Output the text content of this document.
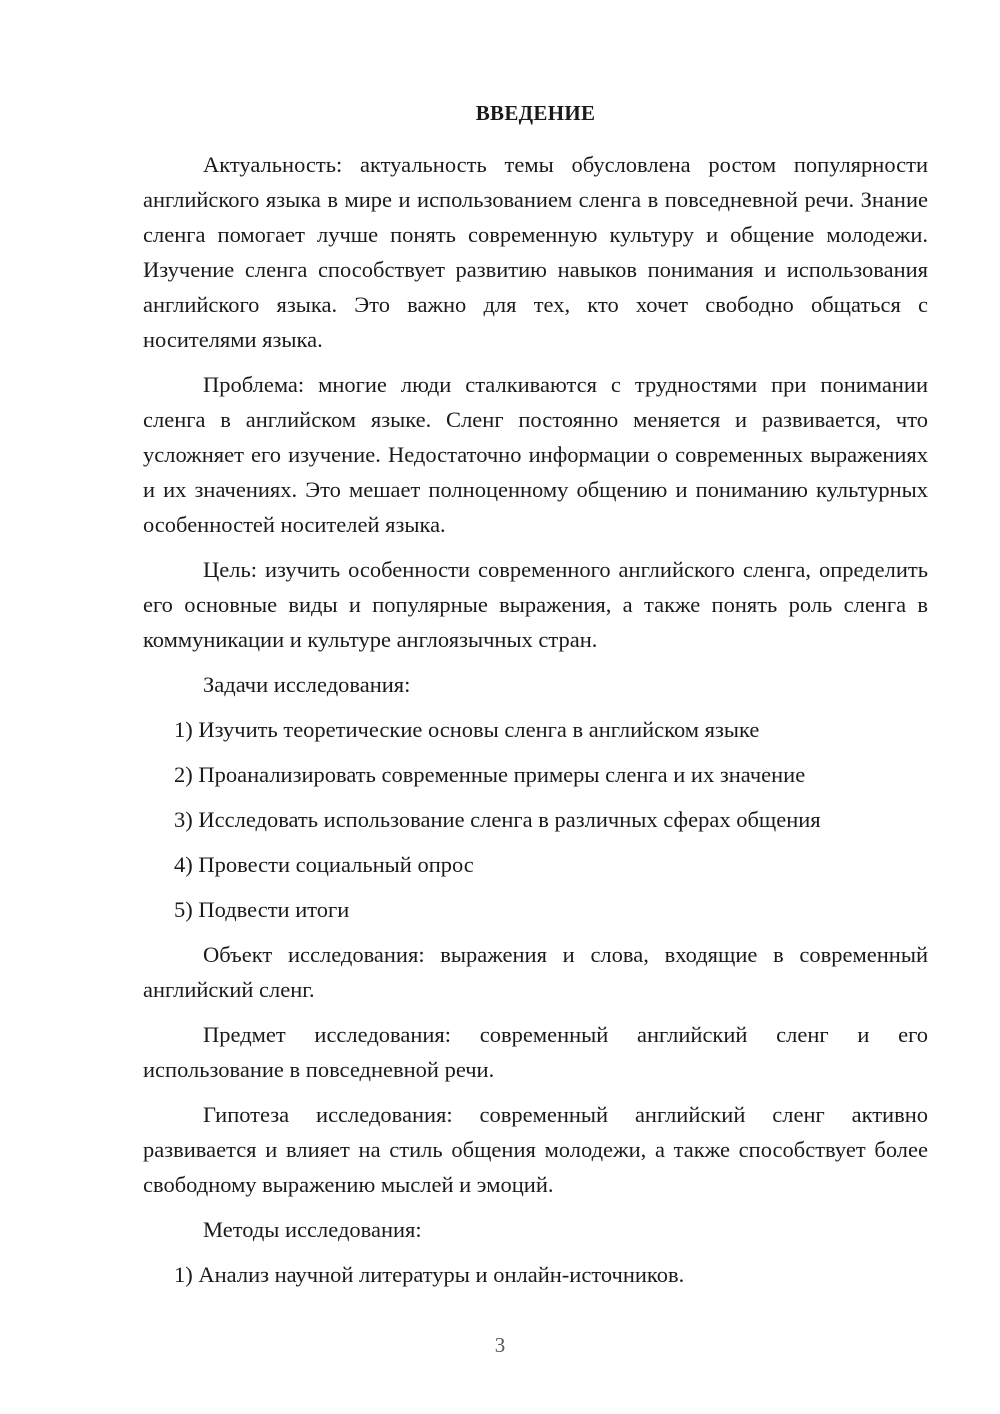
ВВЕДЕНИЕ

Актуальность: актуальность темы обусловлена ростом популярности английского языка в мире и использованием сленга в повседневной речи. Знание сленга помогает лучше понять современную культуру и общение молодежи. Изучение сленга способствует развитию навыков понимания и использования английского языка. Это важно для тех, кто хочет свободно общаться с носителями языка.

Проблема: многие люди сталкиваются с трудностями при понимании сленга в английском языке. Сленг постоянно меняется и развивается, что усложняет его изучение. Недостаточно информации о современных выражениях и их значениях. Это мешает полноценному общению и пониманию культурных особенностей носителей языка.

Цель: изучить особенности современного английского сленга, определить его основные виды и популярные выражения, а также понять роль сленга в коммуникации и культуре англоязычных стран.

Задачи исследования:
1) Изучить теоретические основы сленга в английском языке
2) Проанализировать современные примеры сленга и их значение
3) Исследовать использование сленга в различных сферах общения
4) Провести социальный опрос
5) Подвести итоги

Объект исследования: выражения и слова, входящие в современный английский сленг.

Предмет исследования: современный английский сленг и его использование в повседневной речи.

Гипотеза исследования: современный английский сленг активно развивается и влияет на стиль общения молодежи, а также способствует более свободному выражению мыслей и эмоций.

Методы исследования:
1) Анализ научной литературы и онлайн-источников.
3
